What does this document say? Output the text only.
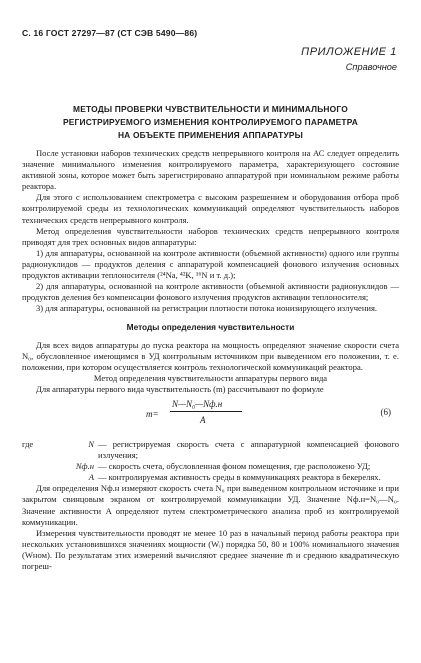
С. 16 ГОСТ 27297—87 (СТ СЭВ 5490—86)
ПРИЛОЖЕНИЕ 1
Справочное
МЕТОДЫ ПРОВЕРКИ ЧУВСТВИТЕЛЬНОСТИ И МИНИМАЛЬНОГО
РЕГИСТРИРУЕМОГО ИЗМЕНЕНИЯ КОНТРОЛИРУЕМОГО ПАРАМЕТРА
НА ОБЪЕКТЕ ПРИМЕНЕНИЯ АППАРАТУРЫ

После установки наборов технических средств непрерывного контроля на АС следует определить значение минимального изменения контролируемого параметра, характеризующего состояние активной зоны, которое может быть зарегистрировано аппаратурой при номинальном режиме работы реактора.

Для этого с использованием спектрометра с высоким разрешением и оборудования отбора проб контролируемой среды из технологических коммуникаций определяют чувствительность наборов технических средств непрерывного контроля.

Метод определения чувствительности наборов технических средств непрерывного контроля приводят для трех основных видов аппаратуры:

1) для аппаратуры, основанной на контроле активности (объемной активности) одного или группы радионуклидов — продуктов деления с аппаратурой компенсацией фонового излучения основных продуктов активации теплоносителя (²⁴Na, ⁴²K, ¹⁶N и т. д.);

2) для аппаратуры, основанной на контроле активности (объемной активности радионуклидов — продуктов деления без компенсации фонового излучения продуктов активации теплоносителя;

3) для аппаратуры, основанной на регистрации плотности потока ионизирующего излучения.

Методы определения чувствительности

Для всех видов аппаратуры до пуска реактора на мощность определяют значение скорости счета N₀, обусловленное имеющимся в УД контрольным источником при выведенном его положении, т. е. положении, при котором осуществляется контроль технологической коммуникаций реактора.

Метод определения чувствительности аппаратуры первого вида

Для аппаратуры первого вида чувствительность (m) рассчитывают по формуле

m=
N—N₀—Nф.н
A
(6)
где	N — регистрируемая скорость счета с аппаратурной компенсацией фонового излучения;
Nф.н — скорость счета, обусловленная фоном помещения, где расположено УД;
A — контролируемая активность среды в коммуникациях реактора в бекерелях.

Для определения Nф.н измеряют скорость счета N₀ при выведенном контрольном источнике и при закрытом свинцовым экраном от контролируемой коммуникации УД. Значение Nф.н=N₀—N₀. Значение активности A определяют путем спектрометрического анализа проб из контролируемой коммуникации.

Измерения чувствительности проводят не менее 10 раз в начальный период работы реактора при нескольких установившихся значениях мощности (Wᵢ) порядка 50, 80 и 100% номинального значения (Wном). По результатам этих измерений вычисляют среднее значение m̄ и среднюю квадратическую погреш-
